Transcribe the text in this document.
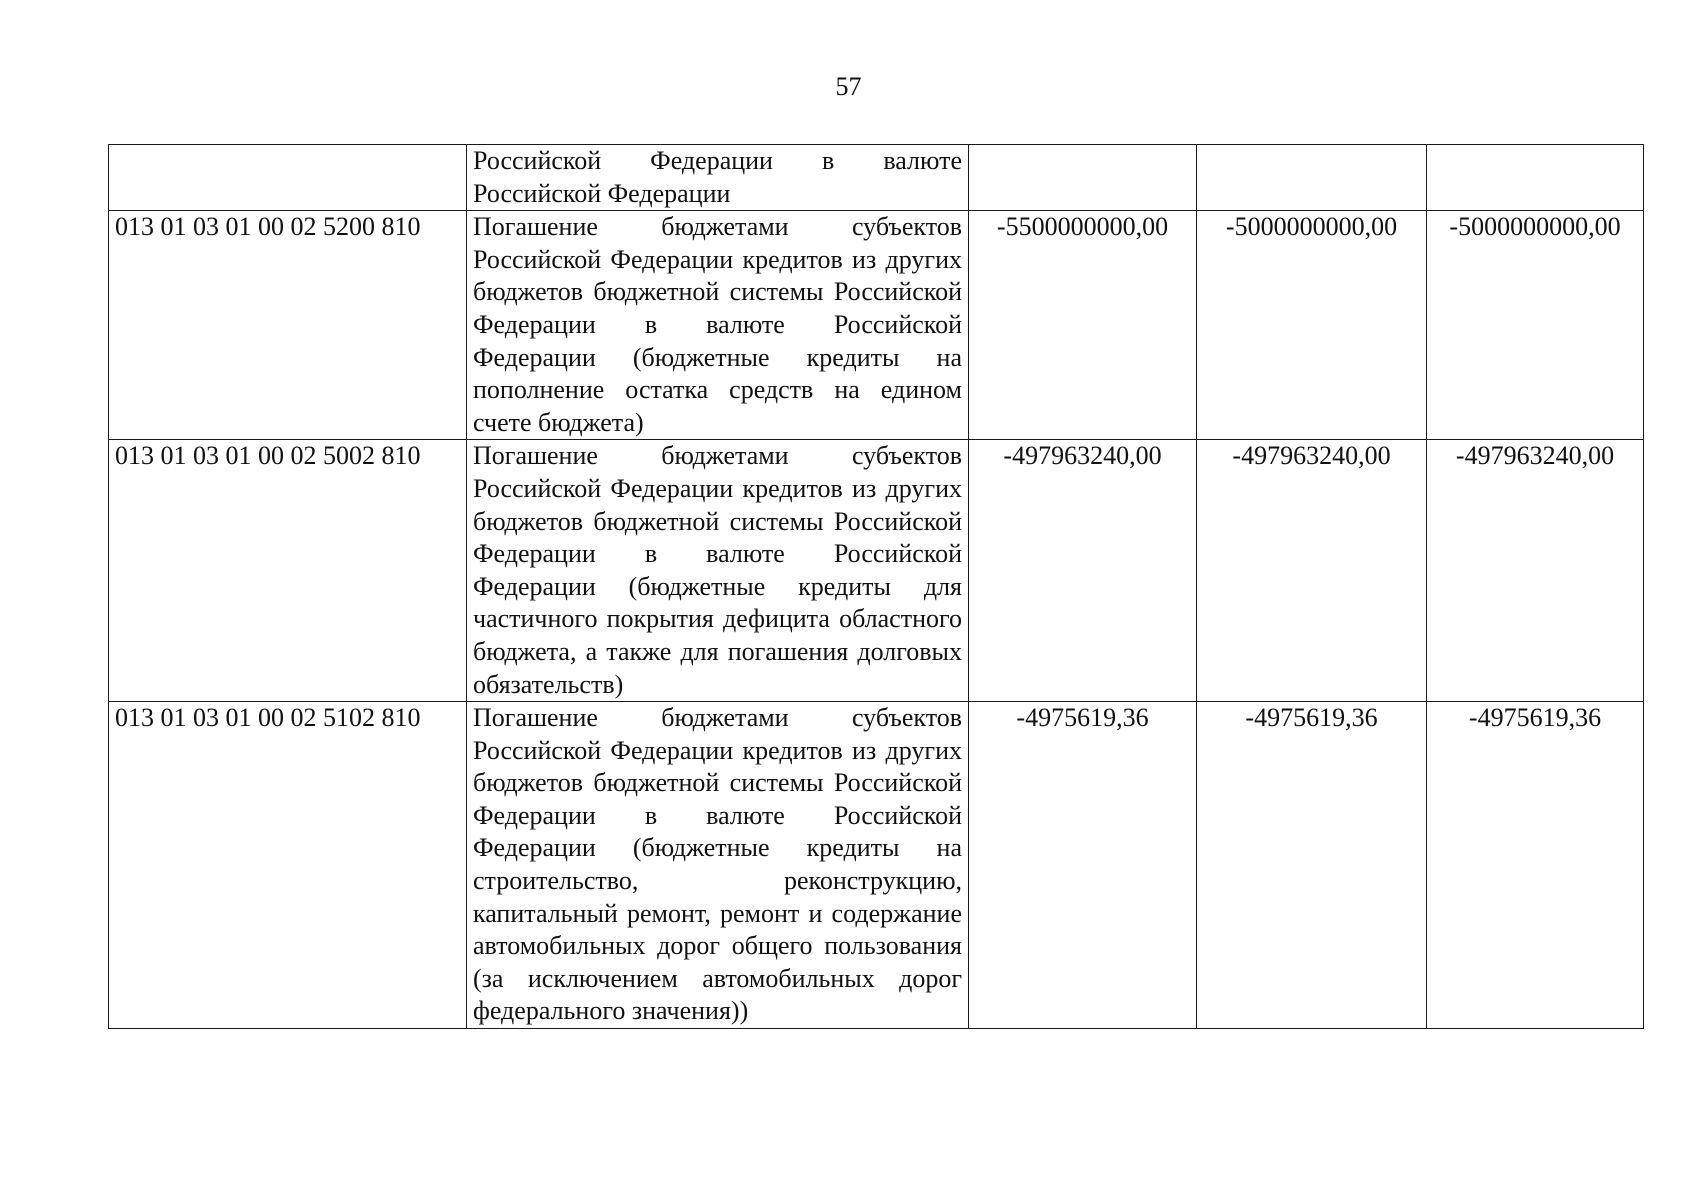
57
	Российской Федерации в валюте Российской Федерации			
013 01 03 01 00 02 5200 810	Погашение бюджетами субъектов Российской Федерации кредитов из других бюджетов бюджетной системы Российской Федерации в валюте Российской Федерации (бюджетные кредиты на пополнение остатка средств на едином счете бюджета)	-5500000000,00	-5000000000,00	-5000000000,00
013 01 03 01 00 02 5002 810	Погашение бюджетами субъектов Российской Федерации кредитов из других бюджетов бюджетной системы Российской Федерации в валюте Российской Федерации (бюджетные кредиты для частичного покрытия дефицита областного бюджета, а также для погашения долговых обязательств)	-497963240,00	-497963240,00	-497963240,00
013 01 03 01 00 02 5102 810	Погашение бюджетами субъектов Российской Федерации кредитов из других бюджетов бюджетной системы Российской Федерации в валюте Российской Федерации (бюджетные кредиты на строительство, реконструкцию, капитальный ремонт, ремонт и содержание автомобильных дорог общего пользования (за исключением автомобильных дорог федерального значения))	-4975619,36	-4975619,36	-4975619,36
